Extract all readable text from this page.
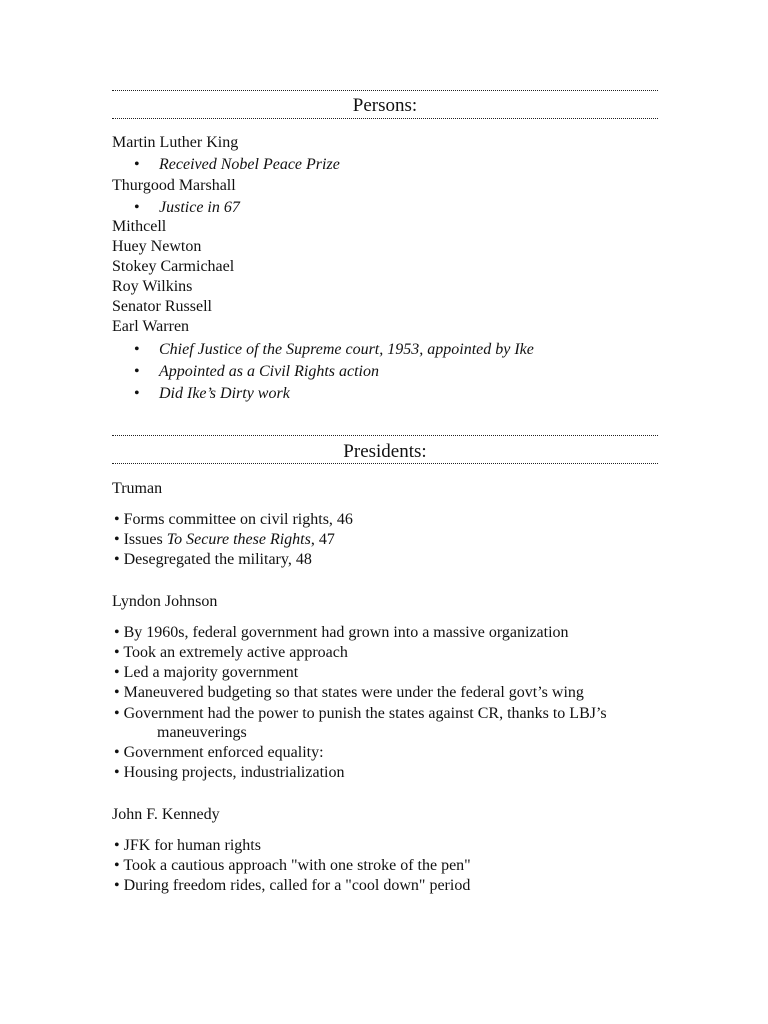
Persons:
Martin Luther King
• Received Nobel Peace Prize
Thurgood Marshall
• Justice in 67
Mithcell
Huey Newton
Stokey Carmichael
Roy Wilkins
Senator Russell
Earl Warren
• Chief Justice of the Supreme court, 1953, appointed by Ike
• Appointed as a Civil Rights action
• Did Ike’s Dirty work
Presidents:
Truman
• Forms committee on civil rights, 46
• Issues To Secure these Rights, 47
• Desegregated the military, 48
Lyndon Johnson
• By 1960s, federal government had grown into a massive organization
• Took an extremely active approach
• Led a majority government
• Maneuvered budgeting so that states were under the federal govt’s wing
• Government had the power to punish the states against CR, thanks to LBJ’s
maneuverings
• Government enforced equality:
• Housing projects, industrialization
John F. Kennedy
• JFK for human rights
• Took a cautious approach "with one stroke of the pen"
• During freedom rides, called for a "cool down" period
